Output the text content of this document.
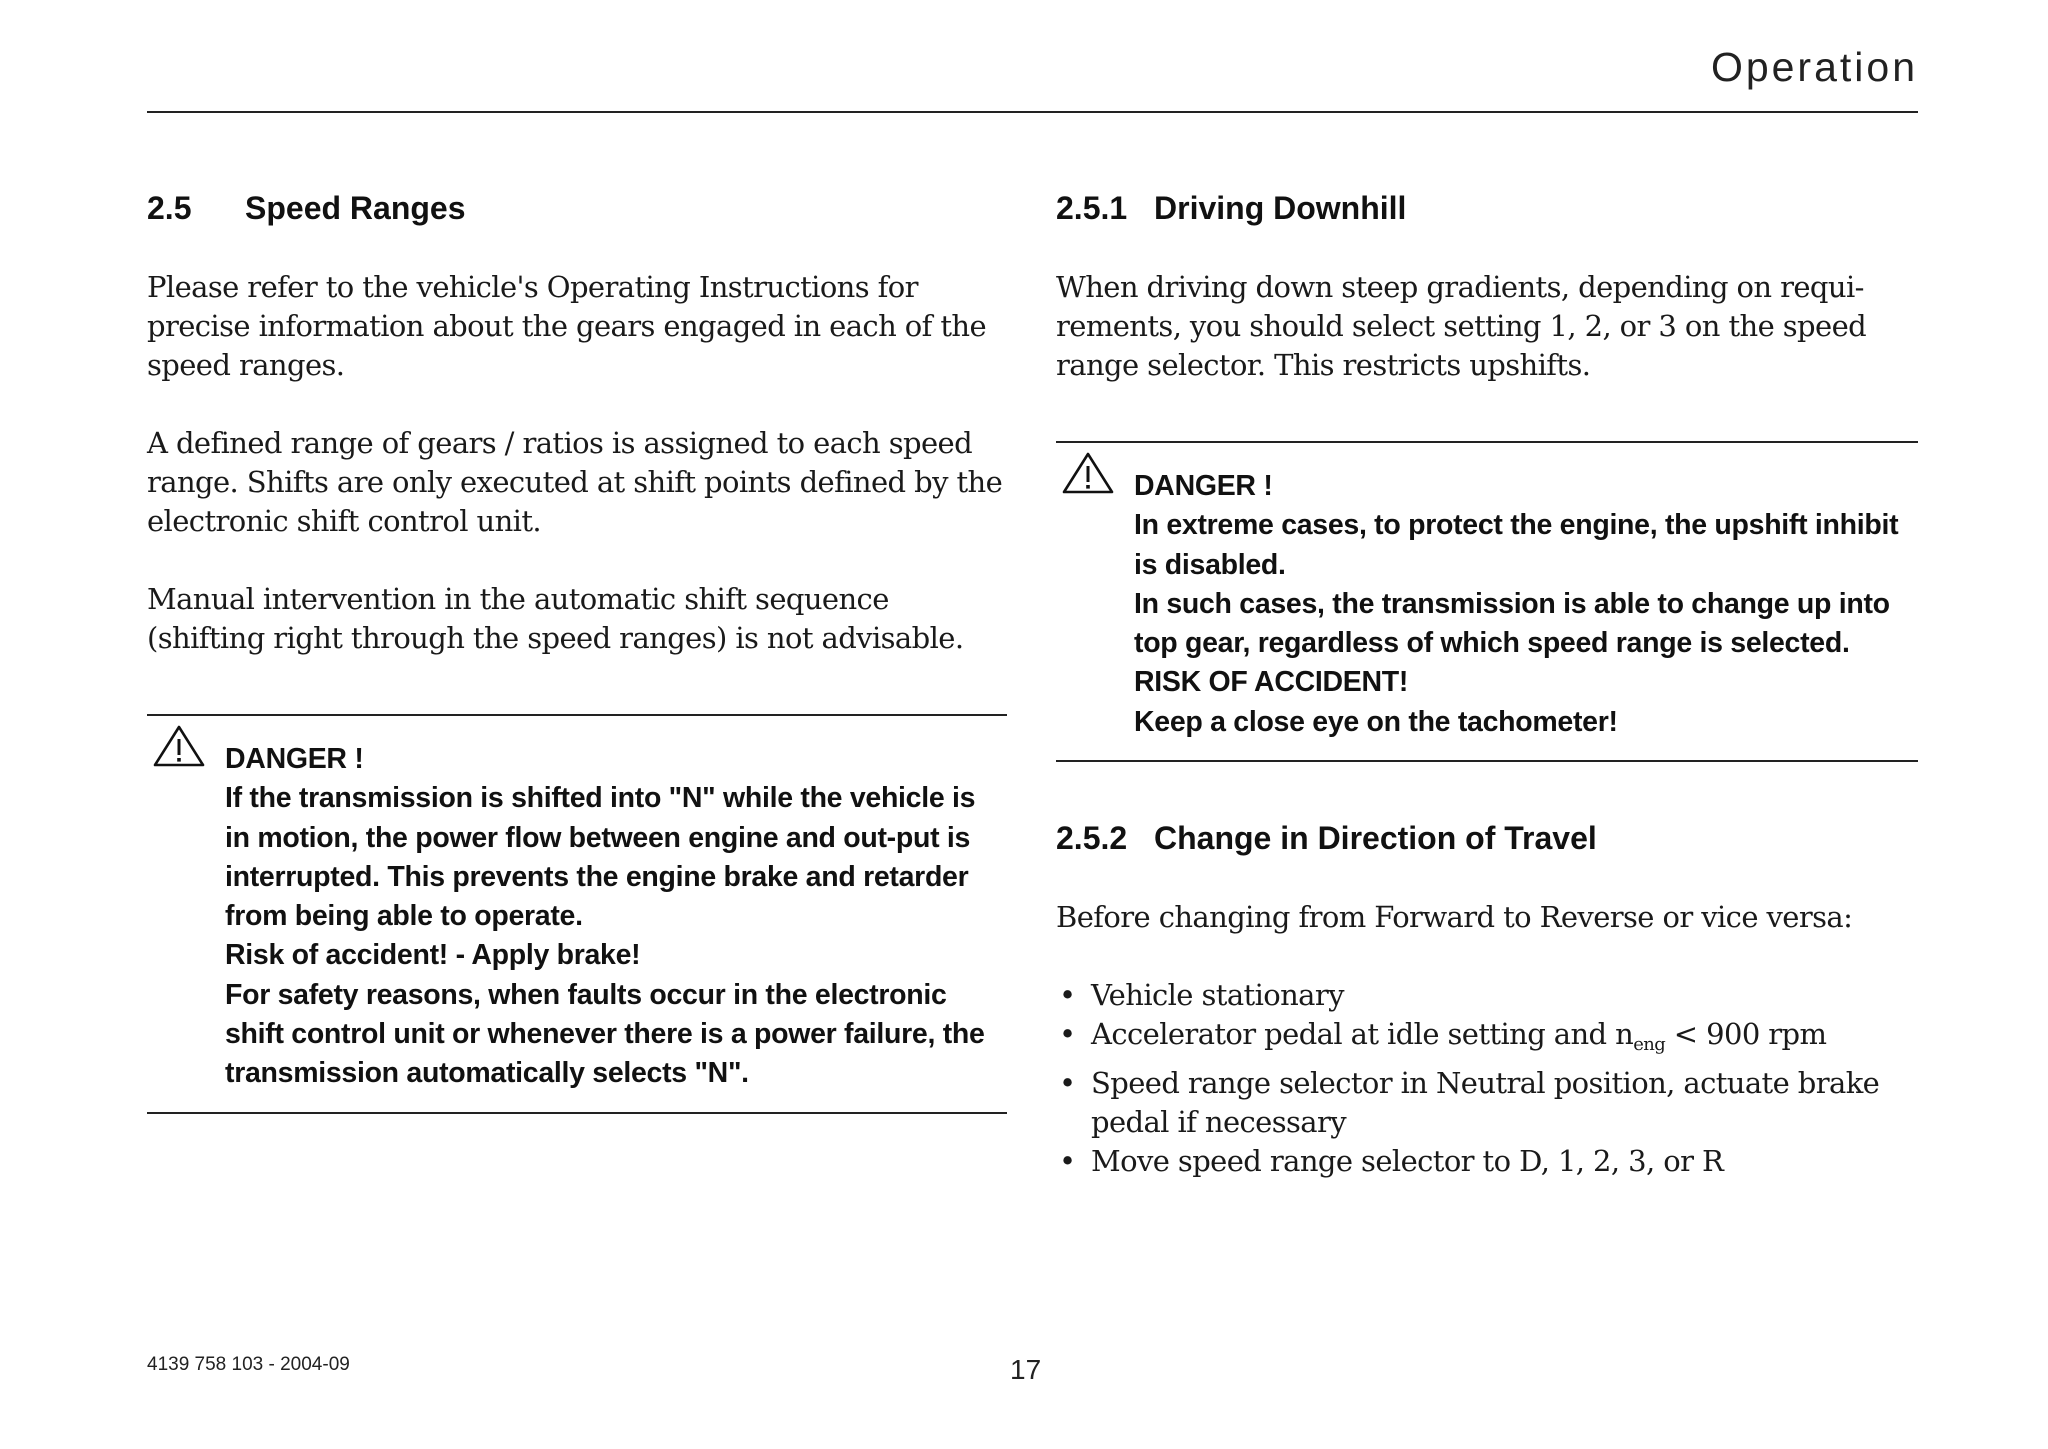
Operation
2.5	Speed Ranges

Please refer to the vehicle's Operating Instructions for precise information about the gears engaged in each of the speed ranges.

A defined range of gears / ratios is assigned to each speed range. Shifts are only executed at shift points defined by the electronic shift control unit.

Manual intervention in the automatic shift sequence (shifting right through the speed ranges) is not advisable.

DANGER !

If the transmission is shifted into "N" while the vehicle is in motion, the power flow between engine and out-put is interrupted. This prevents the engine brake and retarder from being able to operate.

Risk of accident! - Apply brake!

For safety reasons, when faults occur in the electronic shift control unit or whenever there is a power failure, the transmission automatically selects "N".

2.5.1 Driving Downhill

When driving down steep gradients, depending on requi-rements, you should select setting 1, 2, or 3 on the speed range selector. This restricts upshifts.

DANGER !

In extreme cases, to protect the engine, the upshift inhibit is disabled.

In such cases, the transmission is able to change up into top gear, regardless of which speed range is selected.

RISK OF ACCIDENT!

Keep a close eye on the tachometer!

2.5.2 Change in Direction of Travel

Before changing from Forward to Reverse or vice versa:

• Vehicle stationary
• Accelerator pedal at idle setting and $n_{eng} < 900$ rpm
• Speed range selector in Neutral position, actuate brake pedal if necessary
• Move speed range selector to D, 1, 2, 3, or R
4139 758 103 - 2004-09	17
